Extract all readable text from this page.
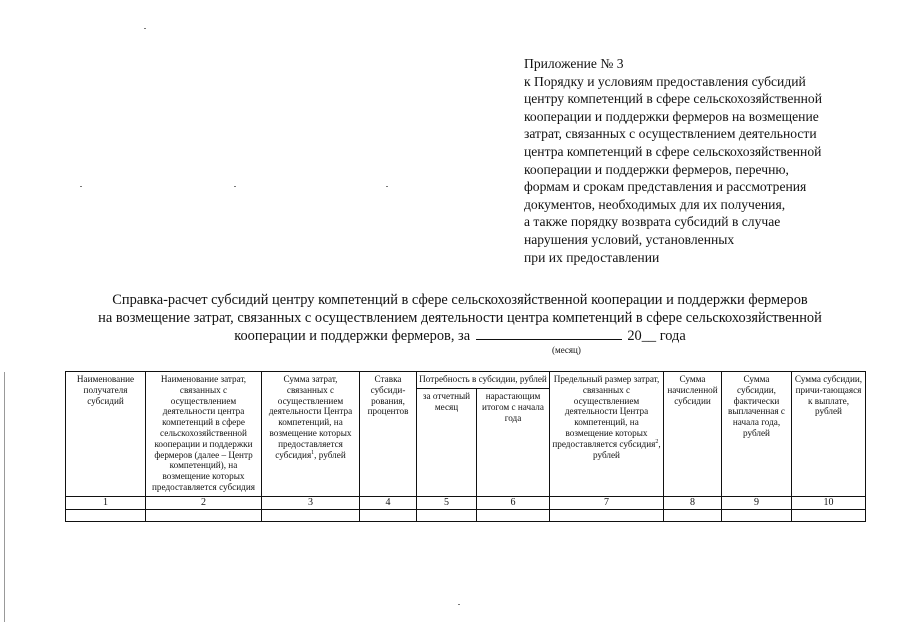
Приложение № 3
к Порядку и условиям предоставления субсидий
центру компетенций в сфере сельскохозяйственной
кооперации и поддержки фермеров на возмещение
затрат, связанных с осуществлением деятельности
центра компетенций в сфере сельскохозяйственной
кооперации и поддержки фермеров, перечню,
формам и срокам представления и рассмотрения
документов, необходимых для их получения,
а также порядку возврата субсидий в случае
нарушения условий, установленных
при их предоставлении
Справка-расчет субсидий центру компетенций в сфере сельскохозяйственной кооперации и поддержки фермеров
на возмещение затрат, связанных с осуществлением деятельности центра компетенций в сфере сельскохозяйственной
кооперации и поддержки фермеров, за	20__ года
(месяц)
Наименование получателя субсидий	Наименование затрат, связанных с осуществлением деятельности центра компетенций в сфере сельскохозяйственной кооперации и поддержки фермеров (далее – Центр компетенций), на возмещение которых предоставляется субсидия	Сумма затрат, связанных с осуществлением деятельности Центра компетенций, на возмещение которых предоставляется субсидия$^1$, рублей	Ставка субсиди-рования, процентов	Потребность в субсидии, рублей		Предельный размер затрат, связанных с осуществлением деятельности Центра компетенций, на возмещение которых предоставляется субсидия$^2$, рублей	Сумма начисленной субсидии	Сумма субсидии, фактически выплаченная с начала года, рублей	Сумма субсидии, причи-тающаяся к выплате, рублей
				за отчетный месяц	нарастающим итогом с начала года				
1	2	3	4	5	6	7	8	9	10
